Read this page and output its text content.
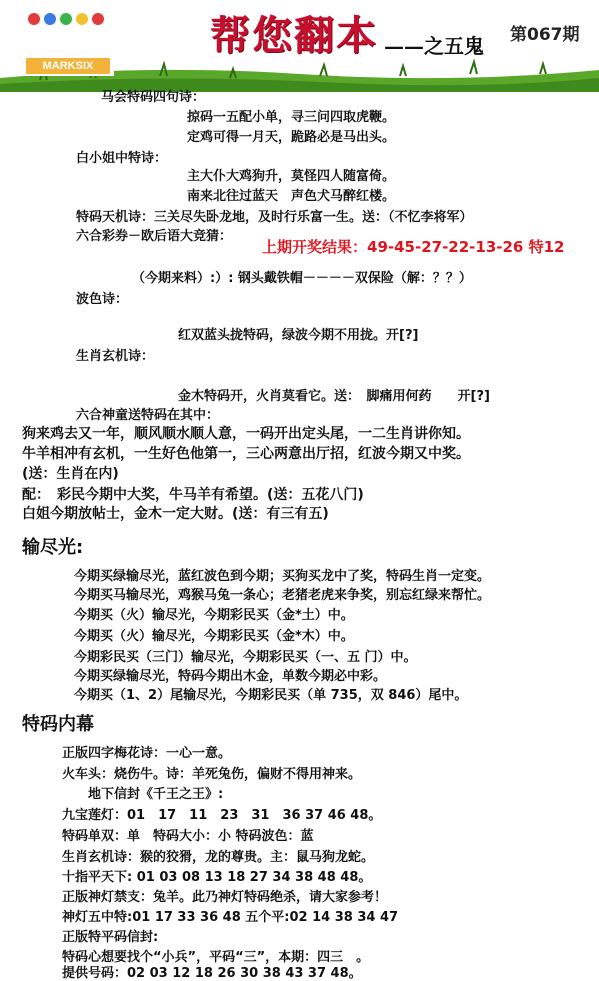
MARKSIX
帮您翻本 ——之五鬼 第067期
马会特码四句诗：
掠码一五配小单，寻三问四取虎鞭。
定鸡可得一月天，跪路必是马出头。
白小姐中特诗：
主大仆大鸡狗升，莫怪四人随富倚。
南来北往过蓝天　声色犬马醉红楼。
特码天机诗：三关尽失卧龙地，及时行乐富一生。送：（不忆李将军）
六合彩券－欧后语大竞猜：
上期开奖结果：49-45-27-22-13-26 特12
（今期来料）:）: 钢头戴铁帽－－－－双保险（解：？？）
波色诗：
红双蓝头拢特码，绿波今期不用拢。开[?]
生肖玄机诗：
金木特码开，火肖莫看它。送：　脚痛用何药　　开[?]
六合神童送特码在其中：
狗来鸡去又一年，顺风顺水顺人意，一码开出定头尾，一二生肖讲你知。
牛羊相冲有玄机，一生好色他第一，三心两意出厅招，红波今期又中奖。
(送：生肖在内)
配：　彩民今期中大奖，牛马羊有希望。(送：五花八门)
白姐今期放帖士，金木一定大财。(送：有三有五)
输尽光:
今期买绿输尽光，蓝红波色到今期；买狗买龙中了奖，特码生肖一定变。
今期买马输尽光，鸡猴马兔一条心；老猪老虎来争奖，别忘红绿来帮忙。
今期买（火）输尽光，今期彩民买（金*土）中。
今期买（火）输尽光，今期彩民买（金*木）中。
今期彩民买（三门）输尽光，今期彩民买（一、五 门）中。
今期买绿输尽光，特码今期出木金，单数今期必中彩。
今期买（1、2）尾输尽光，今期彩民买（单 735，双 846）尾中。
特码内幕
正版四字梅花诗：一心一意。
火车头：烧伤牛。诗：羊死兔伤，偏财不得用神来。
地下信封《千王之王》:
九宝莲灯：01　17　11　23　31　36 37 46 48。
特码单双：单　特码大小：小 特码波色：蓝
生肖玄机诗：猴的狡猾，龙的尊贵。主：鼠马狗龙蛇。
十指平天下: 01 03 08 13 18 27 34 38 48 48。
正版神灯禁支：兔羊。此乃神灯特码绝杀，请大家参考！
神灯五中特:01 17 33 36 48 五个平:02 14 38 34 47
正版特平码信封:
特码心想要找个“小兵”，平码“三”，本期：四三　。
提供号码：02 03 12 18 26 30 38 43 37 48。
